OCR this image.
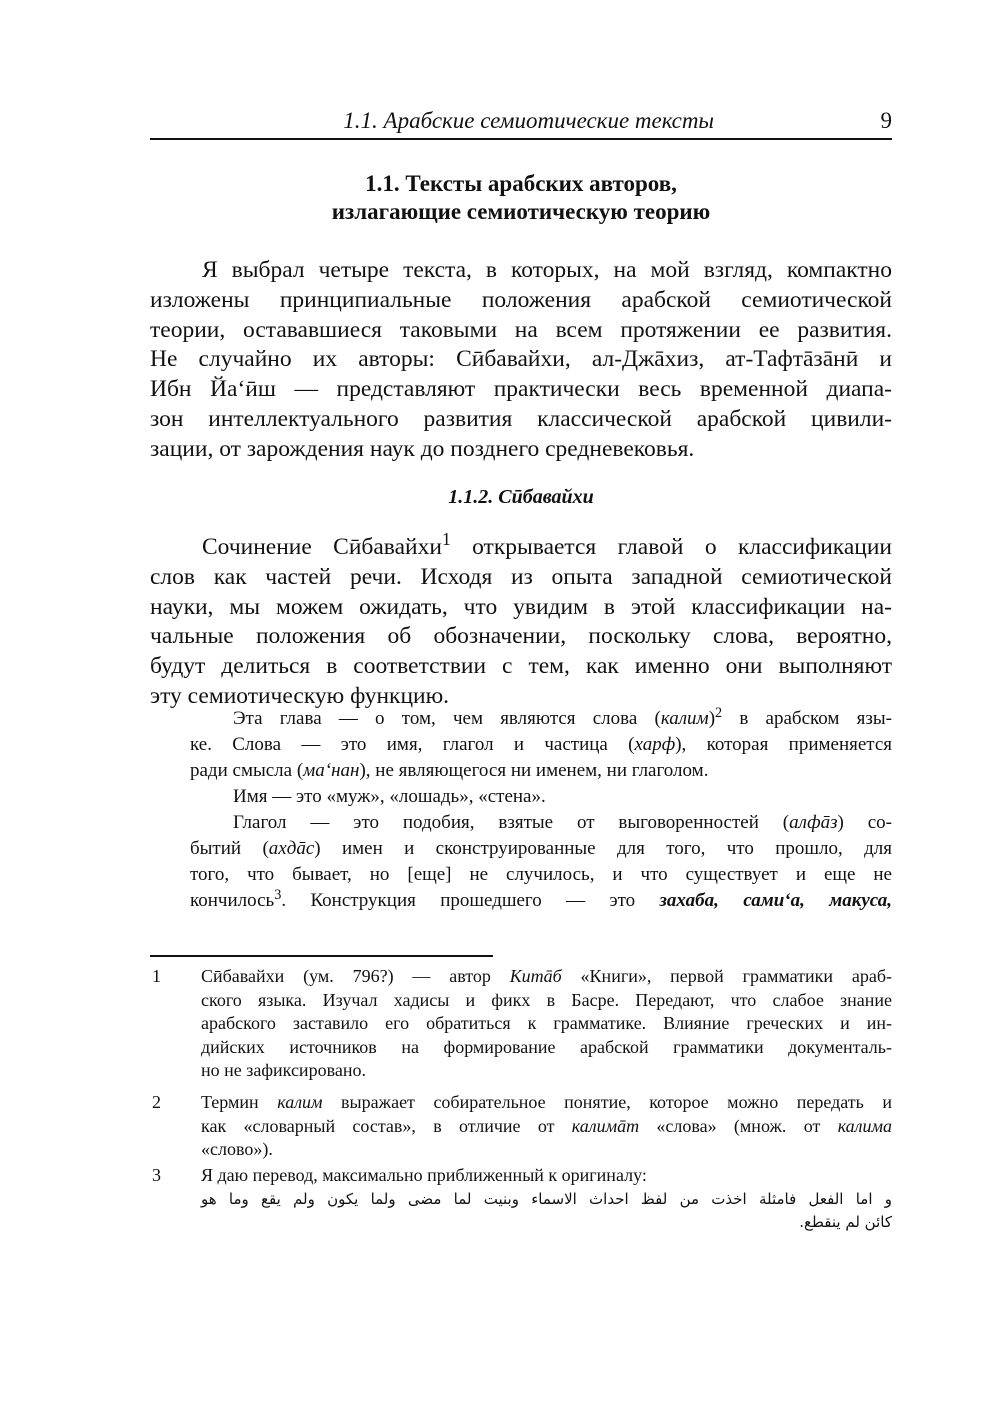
1.1. Арабские семиотические тексты	9
1.1. Тексты арабских авторов,
излагающие семиотическую теорию

Я выбрал четыре текста, в которых, на мой взгляд, компактно
изложены принципиальные положения арабской семиотической
теории, остававшиеся таковыми на всем протяжении ее развития.
Не случайно их авторы: Сӣбавайхи, ал-Джāхиз, ат-Тафтāзāнӣ и
Ибн Йа‘ӣш — представляют практически весь временной диапа-
зон интеллектуального развития классической арабской цивили-
зации, от зарождения наук до позднего средневековья.

1.1.2. Сӣбавайхи

Сочинение Сӣбавайхи$^1$ открывается главой о классификации
слов как частей речи. Исходя из опыта западной семиотической
науки, мы можем ожидать, что увидим в этой классификации на-
чальные положения об обозначении, поскольку слова, вероятно,
будут делиться в соответствии с тем, как именно они выполняют
эту семиотическую функцию.

Эта глава — о том, чем являются слова (калим)$^2$ в арабском язы-
ке. Слова — это имя, глагол и частица (харф), которая применяется
ради смысла (ма‘нан), не являющегося ни именем, ни глаголом.
Имя — это «муж», «лошадь», «стена».
Глагол — это подобия, взятые от выговоренностей (алфāз) со-
бытий (ахдāс) имен и сконструированные для того, что прошло, для
того, что бывает, но [еще] не случилось, и что существует и еще не
кончилось$^3$. Конструкция прошедшего — это захаба, сами‘а, макуса,
1 Сӣбавайхи (ум. 796?) — автор Китāб «Книги», первой грамматики араб-
ского языка. Изучал хадисы и фикх в Басре. Передают, что слабое знание
арабского заставило его обратиться к грамматике. Влияние греческих и ин-
дийских источников на формирование арабской грамматики документаль-
но не зафиксировано.
2 Термин калим выражает собирательное понятие, которое можно передать и
как «словарный состав», в отличие от калимāт «слова» (множ. от калима
«слово»).
3 Я даю перевод, максимально приближенный к оригиналу:
و اما الفعل فامثلة اخذت من لفظ احداث الاسماء وبنيت لما مضى ولما يكون ولم يقع وما هو
كائن لم ينقطع.
